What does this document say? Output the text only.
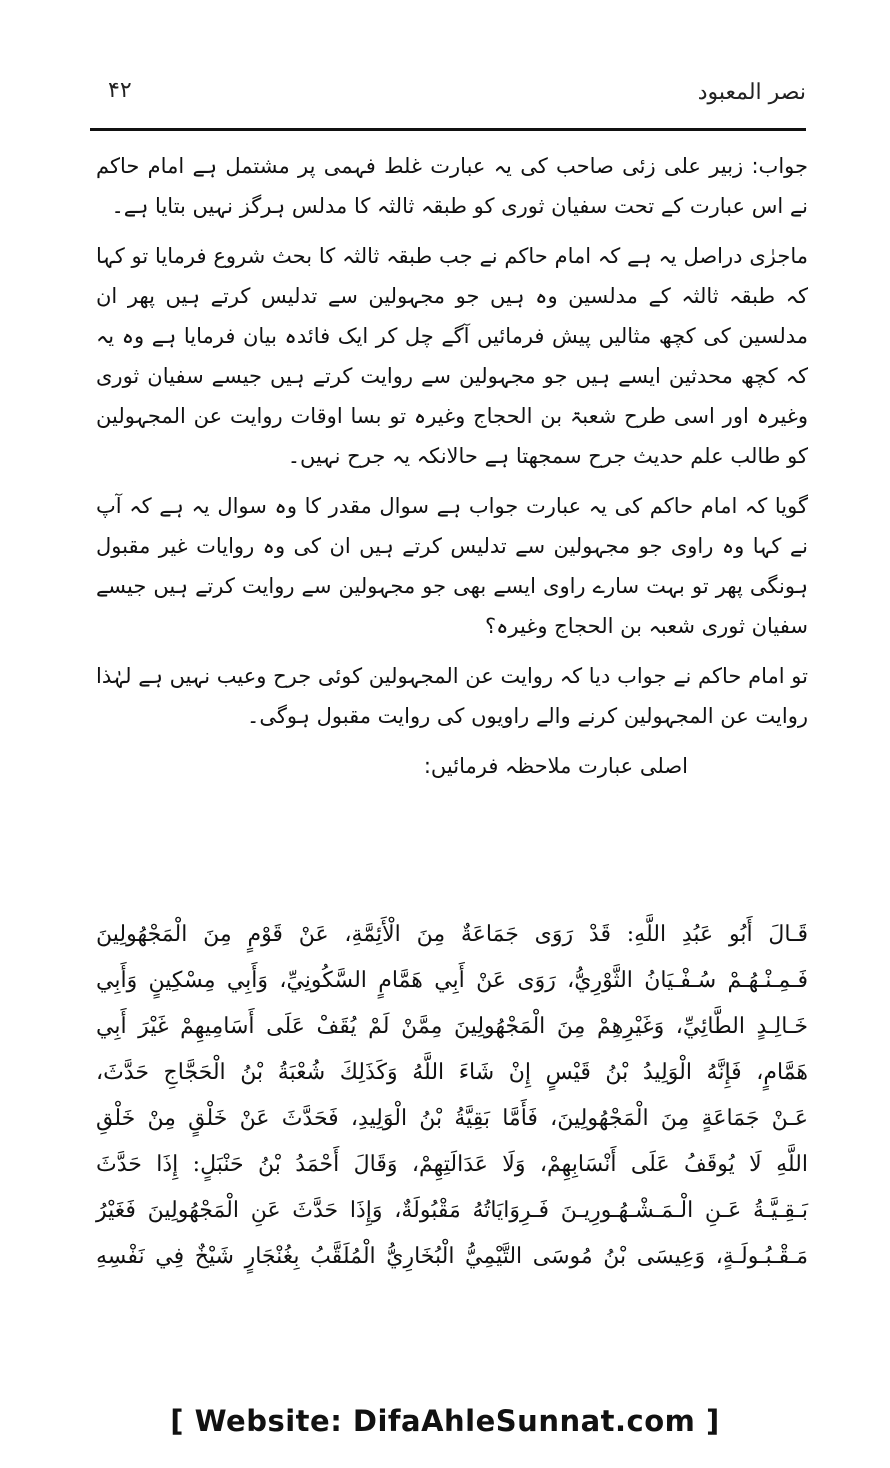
۴۲	نصر المعبود

جواب: زبیر علی زئی صاحب کی یہ عبارت غلط فہمی پر مشتمل ہے امام حاکم نے اس عبارت کے تحت سفیان ثوری کو طبقہ ثالثہ کا مدلس ہرگز نہیں بتایا ہے۔

ماجرٰی دراصل یہ ہے کہ امام حاکم نے جب طبقہ ثالثہ کا بحث شروع فرمایا تو کہا کہ طبقہ ثالثہ کے مدلسین وہ ہیں جو مجہولین سے تدلیس کرتے ہیں پھر ان مدلسین کی کچھ مثالیں پیش فرمائیں آگے چل کر ایک فائدہ بیان فرمایا ہے وہ یہ کہ کچھ محدثین ایسے ہیں جو مجہولین سے روایت کرتے ہیں جیسے سفیان ثوری وغیرہ اور اسی طرح شعبۃ بن الحجاج وغیرہ تو بسا اوقات روایت عن المجہولین کو طالب علم حدیث جرح سمجھتا ہے حالانکہ یہ جرح نہیں۔

گویا کہ امام حاکم کی یہ عبارت جواب ہے سوال مقدر کا وہ سوال یہ ہے کہ آپ نے کہا وہ راوی جو مجہولین سے تدلیس کرتے ہیں ان کی وہ روایات غیر مقبول ہونگی پھر تو بہت سارے راوی ایسے بھی جو مجہولین سے روایت کرتے ہیں جیسے سفیان ثوری شعبہ بن الحجاج وغیرہ؟

تو امام حاکم نے جواب دیا کہ روایت عن المجہولین کوئی جرح وعیب نہیں ہے لہٰذا روایت عن المجہولین کرنے والے راویوں کی روایت مقبول ہوگی۔

اصلی عبارت ملاحظہ فرمائیں:

قَـالَ أَبُو عَبُدِ اللَّهِ: قَدْ رَوَى جَمَاعَةٌ مِنَ الْأَئِمَّةِ، عَنْ قَوْمٍ مِنَ الْمَجْهُولِينَ

فَـمِـنْـهُـمْ سُـفْـيَانُ الثَّوْرِيُّ، رَوَى عَنْ أَبِي هَمَّامٍ السَّكُونِيِّ، وَأَبِي مِسْكِينٍ وَأَبِي

خَـالِـدٍ الطَّائِيِّ، وَغَيْرِهِمْ مِنَ الْمَجْهُولِينَ مِمَّنْ لَمْ يُقَفْ عَلَى أَسَامِيهِمْ غَيْرَ أَبِي

هَمَّامٍ، فَإِنَّهُ الْوَلِيدُ بْنُ قَيْسٍ إِنْ شَاءَ اللَّهُ وَكَذَلِكَ شُعْبَةُ بْنُ الْحَجَّاجِ حَدَّثَ،

عَـنْ جَمَاعَةٍ مِنَ الْمَجْهُولِينَ، فَأَمَّا بَقِيَّةُ بْنُ الْوَلِيدِ، فَحَدَّثَ عَنْ خَلْقٍ مِنْ خَلْقِ

اللَّهِ لَا يُوقَفُ عَلَى أَنْسَابِهِمْ، وَلَا عَدَالَتِهِمْ، وَقَالَ أَحْمَدُ بْنُ حَنْبَلٍ: إِذَا حَدَّثَ

بَـقِـيَّـةُ عَـنِ الْـمَـشْـهُـورِيـنَ فَـرِوَايَاتُهُ مَقْبُولَةٌ، وَإِذَا حَدَّثَ عَنِ الْمَجْهُولِينَ فَغَيْرُ

مَـقْـبُـولَـةٍ، وَعِيسَى بْنُ مُوسَى التَّيْمِيُّ الْبُخَارِيُّ الْمُلَقَّبُ بِغُنْجَارٍ شَيْخٌ فِي نَفْسِهِ

[ Website: DifaAhleSunnat.com ]
